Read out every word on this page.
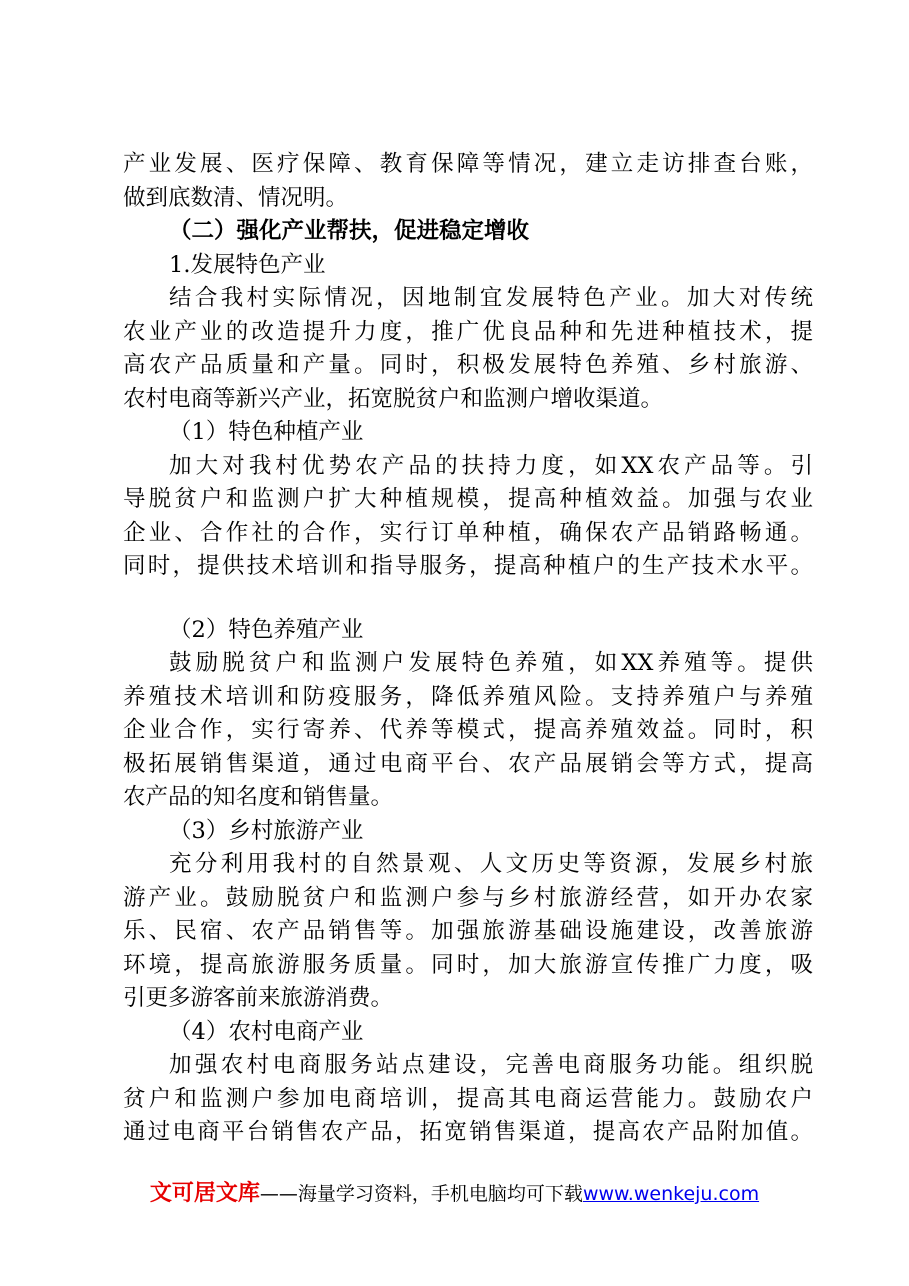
产业发展、医疗保障、教育保障等情况，建立走访排查台账，
做到底数清、情况明。
（二）强化产业帮扶，促进稳定增收
1.发展特色产业
结合我村实际情况，因地制宜发展特色产业。加大对传统
农业产业的改造提升力度，推广优良品种和先进种植技术，提
高农产品质量和产量。同时，积极发展特色养殖、乡村旅游、
农村电商等新兴产业，拓宽脱贫户和监测户增收渠道。
（1）特色种植产业
加大对我村优势农产品的扶持力度，如XX农产品等。引
导脱贫户和监测户扩大种植规模，提高种植效益。加强与农业
企业、合作社的合作，实行订单种植，确保农产品销路畅通。
同时，提供技术培训和指导服务，提高种植户的生产技术水平。
（2）特色养殖产业
鼓励脱贫户和监测户发展特色养殖，如XX养殖等。提供
养殖技术培训和防疫服务，降低养殖风险。支持养殖户与养殖
企业合作，实行寄养、代养等模式，提高养殖效益。同时，积
极拓展销售渠道，通过电商平台、农产品展销会等方式，提高
农产品的知名度和销售量。
（3）乡村旅游产业
充分利用我村的自然景观、人文历史等资源，发展乡村旅
游产业。鼓励脱贫户和监测户参与乡村旅游经营，如开办农家
乐、民宿、农产品销售等。加强旅游基础设施建设，改善旅游
环境，提高旅游服务质量。同时，加大旅游宣传推广力度，吸
引更多游客前来旅游消费。
（4）农村电商产业
加强农村电商服务站点建设，完善电商服务功能。组织脱
贫户和监测户参加电商培训，提高其电商运营能力。鼓励农户
通过电商平台销售农产品，拓宽销售渠道，提高农产品附加值。
文可居文库——海量学习资料，手机电脑均可下载www.wenkeju.com
